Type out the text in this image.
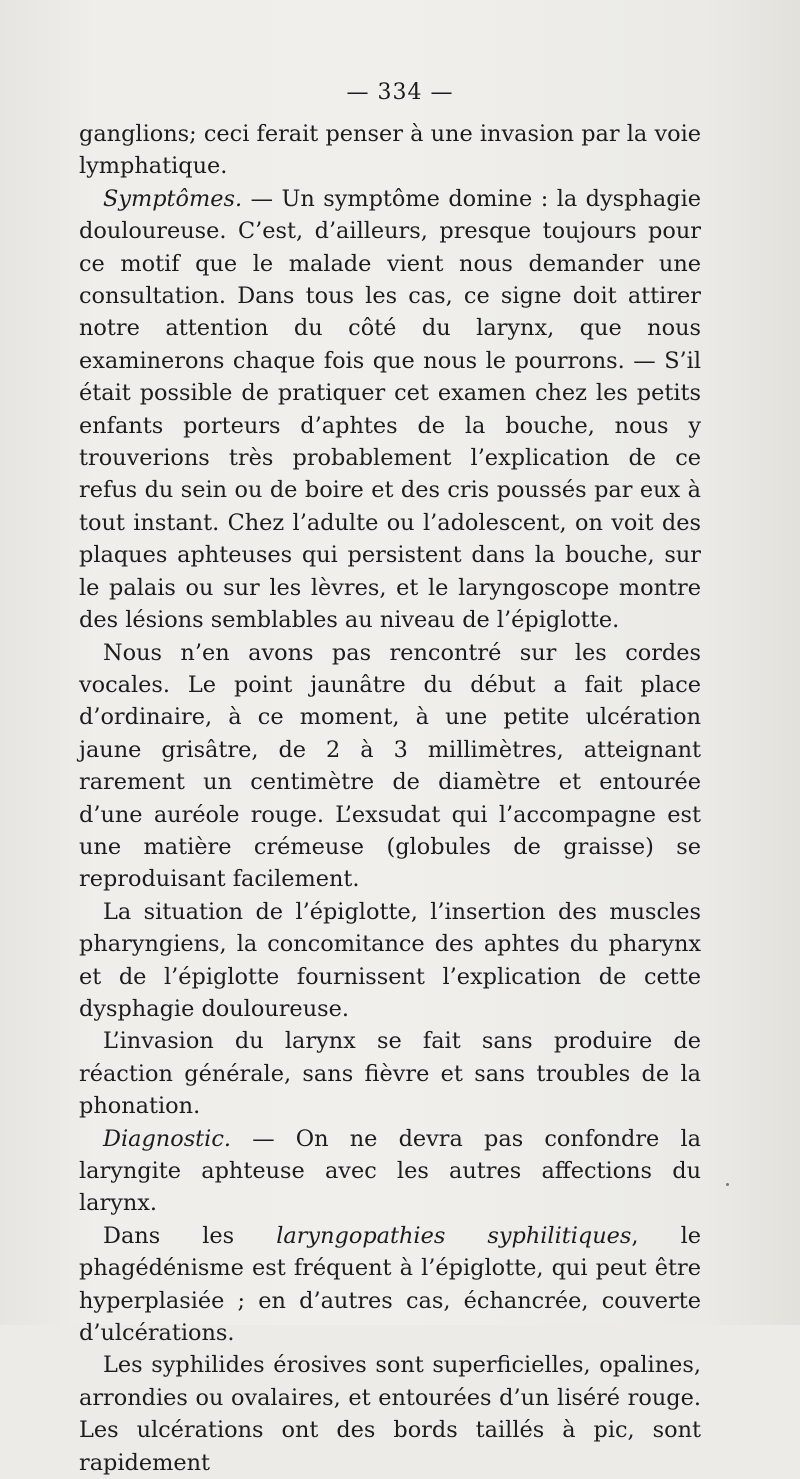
— 334 —

ganglions; ceci ferait penser à une invasion par la voie lymphatique.

Symptômes. — Un symptôme domine : la dysphagie douloureuse. C’est, d’ailleurs, presque toujours pour ce motif que le malade vient nous demander une consultation. Dans tous les cas, ce signe doit attirer notre attention du côté du larynx, que nous examinerons chaque fois que nous le pourrons. — S’il était possible de pratiquer cet examen chez les petits enfants porteurs d’aphtes de la bouche, nous y trouverions très probablement l’explication de ce refus du sein ou de boire et des cris poussés par eux à tout instant. Chez l’adulte ou l’adolescent, on voit des plaques aphteuses qui persistent dans la bouche, sur le palais ou sur les lèvres, et le laryngoscope montre des lésions semblables au niveau de l’épiglotte.

Nous n’en avons pas rencontré sur les cordes vocales. Le point jaunâtre du début a fait place d’ordinaire, à ce moment, à une petite ulcération jaune grisâtre, de 2 à 3 millimètres, atteignant rarement un centimètre de diamètre et entourée d’une auréole rouge. L’exsudat qui l’accompagne est une matière crémeuse (globules de graisse) se reproduisant facilement.

La situation de l’épiglotte, l’insertion des muscles pharyngiens, la concomitance des aphtes du pharynx et de l’épiglotte fournissent l’explication de cette dysphagie douloureuse.

L’invasion du larynx se fait sans produire de réaction générale, sans fièvre et sans troubles de la phonation.

Diagnostic. — On ne devra pas confondre la laryngite aphteuse avec les autres affections du larynx.

Dans les laryngopathies syphilitiques, le phagédénisme est fréquent à l’épiglotte, qui peut être hyperplasiée ; en d’autres cas, échancrée, couverte d’ulcérations.

Les syphilides érosives sont superficielles, opalines, arrondies ou ovalaires, et entourées d’un liséré rouge. Les ulcérations ont des bords taillés à pic, sont rapidement
